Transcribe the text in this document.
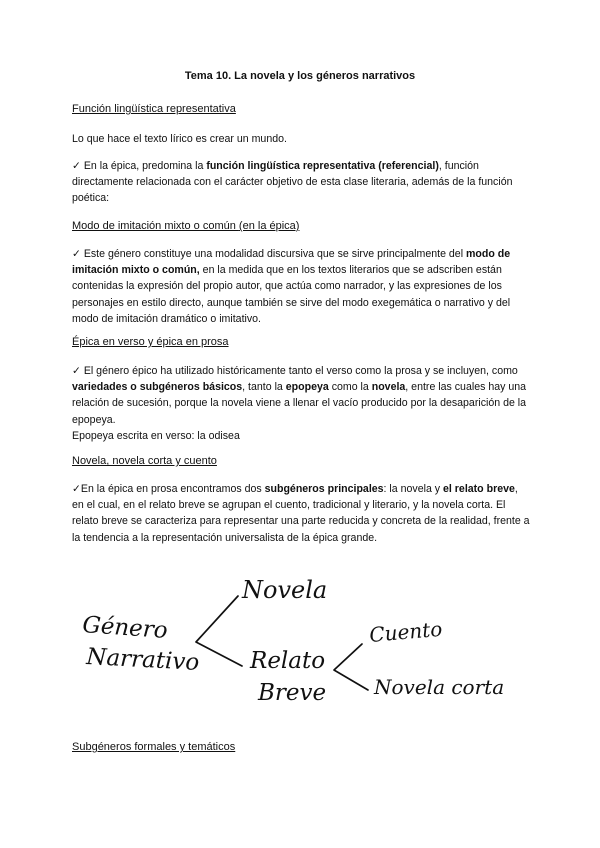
Tema 10. La novela y los géneros narrativos
Función lingüística representativa
Lo que hace el texto lírico es crear un mundo.
✓ En la épica, predomina la función lingüística representativa (referencial), función directamente relacionada con el carácter objetivo de esta clase literaria, además de la función poética:
Modo de imitación mixto o común (en la épica)
✓ Este género constituye una modalidad discursiva que se sirve principalmente del modo de imitación mixto o común, en la medida que en los textos literarios que se adscriben están contenidas la expresión del propio autor, que actúa como narrador, y las expresiones de los personajes en estilo directo, aunque también se sirve del modo exegemática o narrativo y del modo de imitación dramático o imitativo.
Épica en verso y épica en prosa
✓ El género épico ha utilizado históricamente tanto el verso como la prosa y se incluyen, como variedades o subgéneros básicos, tanto la epopeya como la novela, entre las cuales hay una relación de sucesión, porque la novela viene a llenar el vacío producido por la desaparición de la epopeya.
Epopeya escrita en verso: la odisea
Novela, novela corta y cuento
✓En la épica en prosa encontramos dos subgéneros principales: la novela y el relato breve, en el cual, en el relato breve se agrupan el cuento, tradicional y literario, y la novela corta. El relato breve se caracteriza para representar una parte reducida y concreta de la realidad, frente a la tendencia a la representación universalista de la épica grande.
Género
Narrativo
Novela
Relato
Breve
Cuento
Novela corta
Subgéneros formales y temáticos
